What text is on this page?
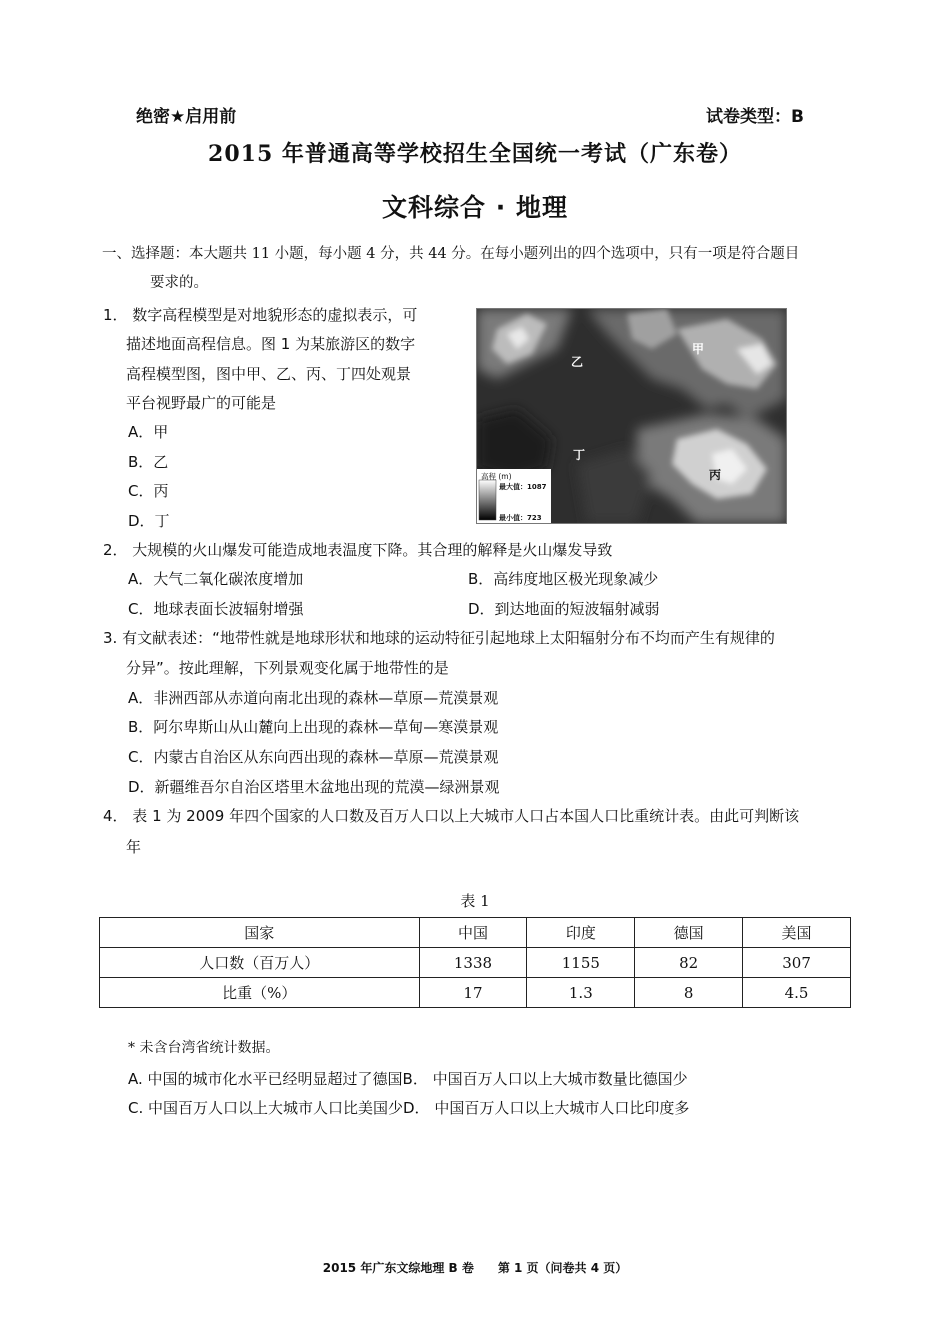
绝密★启用前	试卷类型：B
2015 年普通高等学校招生全国统一考试（广东卷）
文科综合 · 地理
一、选择题：本大题共 11 小题，每小题 4 分，共 44 分。在每小题列出的四个选项中，只有一项是符合题目
要求的。
1． 数字高程模型是对地貌形态的虚拟表示，可
描述地面高程信息。图 1 为某旅游区的数字
高程模型图，图中甲、乙、丙、丁四处观景
平台视野最广的可能是
A．甲
B．乙
C．丙
D．丁
高程 (m)
最大值：1087
最小值：723
甲
乙
丁
丙
2． 大规模的火山爆发可能造成地表温度下降。其合理的解释是火山爆发导致
A．大气二氧化碳浓度增加	B．高纬度地区极光现象减少
C．地球表面长波辐射增强	D．到达地面的短波辐射减弱
3. 有文献表述：“地带性就是地球形状和地球的运动特征引起地球上太阳辐射分布不均而产生有规律的
分异”。按此理解，下列景观变化属于地带性的是
A．非洲西部从赤道向南北出现的森林—草原—荒漠景观
B．阿尔卑斯山从山麓向上出现的森林—草甸—寒漠景观
C．内蒙古自治区从东向西出现的森林—草原—荒漠景观
D．新疆维吾尔自治区塔里木盆地出现的荒漠—绿洲景观
4． 表 1 为 2009 年四个国家的人口数及百万人口以上大城市人口占本国人口比重统计表。由此可判断该
年
表 1
国家	中国	印度	德国	美国
人口数（百万人）	1338	1155	82	307
比重（%）	17	1.3	8	4.5
* 未含台湾省统计数据。
A. 中国的城市化水平已经明显超过了德国B． 中国百万人口以上大城市数量比德国少
C. 中国百万人口以上大城市人口比美国少D． 中国百万人口以上大城市人口比印度多
2015 年广东文综地理 B 卷　　第 1 页（问卷共 4 页）
